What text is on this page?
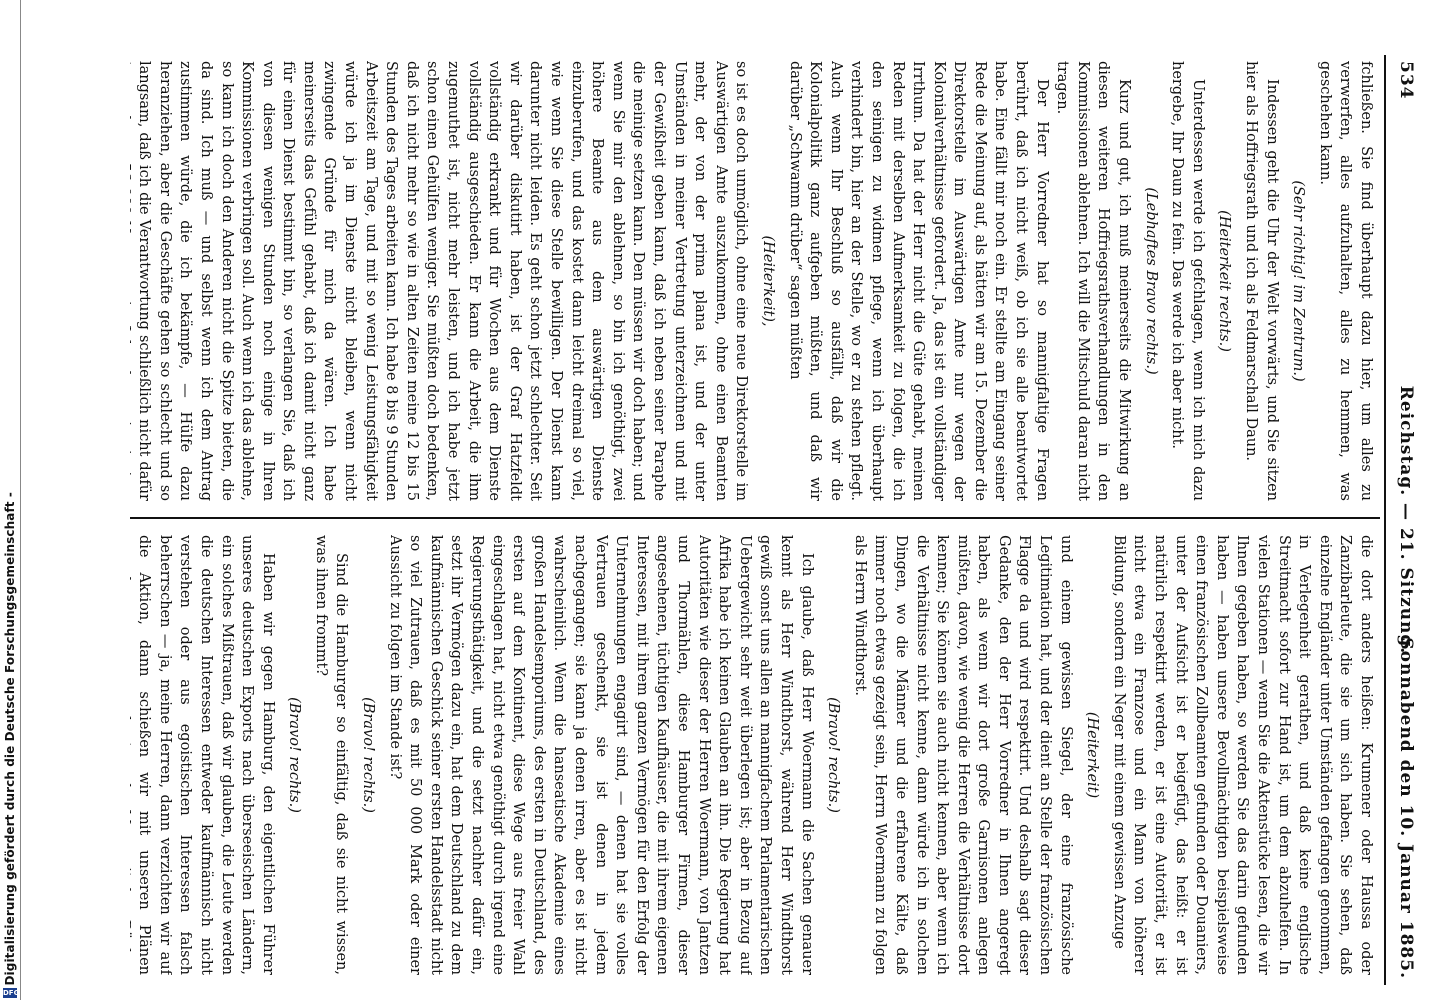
Digitalisierung gefördert durch die Deutsche Forschungsgemeinschaft -
DFG
534
Reichstag. — 21. Sitzung.
Sonnabend den 10. Januar 1885.

fchließen. Sie find überhaupt dazu hier, um alles zu verwerfen, alles aufzuhalten, alles zu hemmen, was geschehen kann.

(Sehr richtig! im Zentrum.)

Indessen geht die Uhr der Welt vorwärts, und Sie sitzen hier als Hoffriegsrath und ich als Feldmarschall Daun.

(Heiterkeit rechts.)

Unterdessen werde ich gefchlagen, wenn ich mich dazu hergebe, Ihr Daun zu fein. Das werde ich aber nicht.

(Lebhaftes Bravo rechts.)

Kurz und gut, ich muß meinerseits die Mitwirkung an diesen weiteren Hoffriegsrathsverhandlungen in den Kommissionen ablehnen. Ich will die Mitschuld daran nicht tragen.

Der Herr Vorredner hat so mannigfaltige Fragen berührt, daß ich nicht weiß, ob ich sie alle beantwortet habe. Eine fällt mir noch ein. Er stellte am Eingang seiner Rede die Meinung auf, als hätten wir am 15. Dezember die Direktorstelle im Auswärtigen Amte nur wegen der Kolonialverhältnisse gefordert. Ja, das ist ein vollständiger Irrthum. Da hat der Herr nicht die Güte gehabt, meinen Reden mit derselben Aufmerksamkeit zu folgen, die ich den seinigen zu widmen pflege, wenn ich überhaupt verhindert bin, hier an der Stelle, wo er zu stehen pflegt. Auch wenn Ihr Beschluß so ausfällt, daß wir die Kolonialpolitik ganz aufgeben müßten, und daß wir darüber „Schwamm drüber“ sagen müßten

(Heiterkeit),

so ist es doch unmöglich, ohne eine neue Direktorstelle im Auswärtigen Amte auszukommen, ohne einen Beamten mehr, der von der prima plana ist, und der unter Umständen in meiner Vertretung unterzeichnen und mit der Gewißheit geben kann, daß ich neben seiner Paraphe die meinige setzen kann. Den müssen wir doch haben; und wenn Sie mir den ablehnen, so bin ich genöthigt, zwei höhere Beamte aus dem auswärtigen Dienste einzuberufen, und das kostet dann leicht dreimal so viel, wie wenn Sie diese Stelle bewilligen. Der Dienst kann darunter nicht leiden. Es geht schon jetzt schlechter. Seit wir darüber diskutirt haben, ist der Graf Hatzfeldt vollständig erkrankt und für Wochen aus dem Dienste vollständig ausgeschieden. Er kann die Arbeit, die ihm zugemuthet ist, nicht mehr leisten, und ich habe jetzt schon einen Gehülfen weniger. Sie müßten doch bedenken, daß ich nicht mehr so wie in alten Zeiten meine 12 bis 15 Stunden des Tages arbeiten kann. Ich habe 8 bis 9 Stunden Arbeitszeit am Tage, und mit so wenig Leistungsfähigkeit würde ich ja im Dienste nicht bleiben, wenn nicht zwingende Gründe für mich da wären. Ich habe meinerseits das Gefühl gehabt, daß ich damit nicht ganz für einen Dienst bestimmt bin, so verlangen Sie, daß ich von diesen wenigen Stunden noch einige in Ihren Kommissionen verbringen soll. Auch wenn ich das ablehne, so kann ich doch den Anderen nicht die Spitze bieten, die da sind. Ich muß — und selbst wenn ich dem Antrag zustimmen würde, die ich bekämpfe, — Hülfe dazu heranziehen, aber die Geschäfte gehen so schlecht und so langsam, daß ich die Verantwortung schließlich nicht dafür

die dort anders heißen: Krumener oder Haussa oder Zanzibarleute, die sie um sich haben. Sie sehen, daß einzelne Engländer unter Umständen gefangen genommen, in Verlegenheit gerathen, und daß keine englische Streitmacht sofort zur Hand ist, um dem abzuhelfen. In vielen Stationen — wenn Sie die Aktenstücke lesen, die wir Ihnen gegeben haben, so werden Sie das darin gefunden haben — haben unsere Bevollmächtigten beispielsweise einen französischen Zollbeamten gefunden oder Douaniers, unter der Aufsicht ist er beigefügt, das heißt: er ist natürlich respektirt werden, er ist eine Autorität, er ist nicht etwa ein Franzose und ein Mann von höherer Bildung, sondern ein Neger mit einem gewissen Anzuge

(Heiterkeit)

und einem gewissen Siegel, der eine französische Legitimation hat, und der dient an Stelle der französischen Flagge da und wird respektirt. Und deshalb sagt dieser Gedanke, den der Herr Vorredner in Ihnen angeregt haben, als wenn wir dort große Garnisonen anlegen müßten, davon, wie wenig die Herren die Verhältnisse dort kennen; Sie können sie auch nicht kennen, aber wenn ich die Verhältnisse nicht kenne, dann würde ich in solchen Dingen, wo die Männer und die erfahrene Kälte, daß immer noch etwas gezeigt sein, Herrn Woermann zu folgen als Herrn Windthorst.

(Bravo! rechts.)

Ich glaube, daß Herr Woermann die Sachen genauer kennt als Herr Windthorst, während Herr Windthorst gewiß sonst uns allen an mannigfachem Parlamentarischen Uebergewicht sehr weit überlegen ist; aber in Bezug auf Afrika habe ich keinen Glauben an ihn. Die Regierung hat Autoritäten wie dieser der Herren Woermann, von Jantzen und Thormählen, diese Hamburger Firmen, dieser angesehenen, tüchtigen Kaufhäuser, die mit ihrem eigenen Interessen, mit ihrem ganzen Vermögen für den Erfolg der Unternehmungen engagirt sind, — denen hat sie volles Vertrauen geschenkt, sie ist denen in jedem nachgegangen; sie kann ja denen irren, aber es ist nicht wahrscheinlich. Wenn die hanseatische Akademie eines großen Handelsemporiums, des ersten in Deutschland, des ersten auf dem Kontinent, diese Wege aus freier Wahl eingeschlagen hat, nicht etwa genöthigt durch irgend eine Regierungsthätigkeit, und die setzt nachher dafür ein, setzt ihr Vermögen dazu ein, hat dem Deutschland zu dem kaufmännischen Geschick seiner ersten Handelsstadt nicht so viel Zutrauen, daß es mit 50 000 Mark oder einer Aussicht zu folgen im Stande ist?

(Bravo! rechts.)

Sind die Hamburger so einfältig, daß sie nicht wissen, was ihnen frommt?

(Bravo! rechts.)

Haben wir gegen Hamburg, den eigentlichen Führer unseres deutschen Exports nach überseeischen Ländern, ein solches Mißtrauen, daß wir glauben, die Leute werden die deutschen Interessen entweder kaufmännisch nicht verstehen oder aus egoistischen Interessen falsch beherrschen — ja, meine Herren, dann verzichten wir auf die Aktion, dann schießen wir mit unseren Plänen
